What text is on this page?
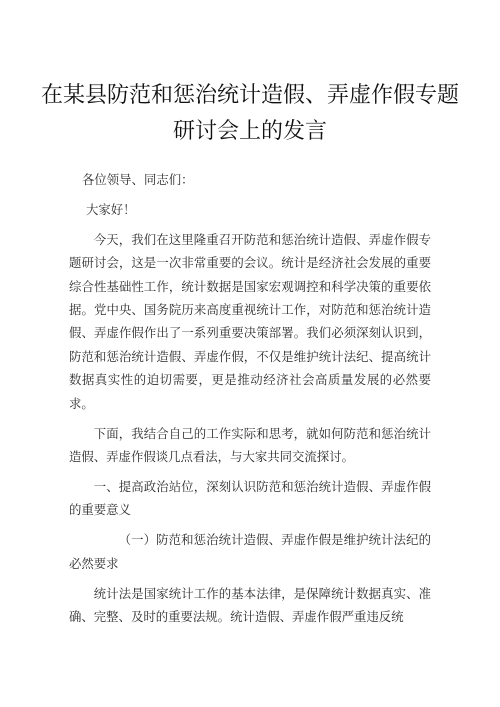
在某县防范和惩治统计造假、弄虚作假专题研讨会上的发言

各位领导、同志们：

大家好！

今天，我们在这里隆重召开防范和惩治统计造假、弄虚作假专题研讨会，这是一次非常重要的会议。统计是经济社会发展的重要综合性基础性工作，统计数据是国家宏观调控和科学决策的重要依据。党中央、国务院历来高度重视统计工作，对防范和惩治统计造假、弄虚作假作出了一系列重要决策部署。我们必须深刻认识到，防范和惩治统计造假、弄虚作假，不仅是维护统计法纪、提高统计数据真实性的迫切需要，更是推动经济社会高质量发展的必然要求。

下面，我结合自己的工作实际和思考，就如何防范和惩治统计造假、弄虚作假谈几点看法，与大家共同交流探讨。

一、提高政治站位，深刻认识防范和惩治统计造假、弄虚作假的重要意义

（一）防范和惩治统计造假、弄虚作假是维护统计法纪的必然要求

统计法是国家统计工作的基本法律，是保障统计数据真实、准确、完整、及时的重要法规。统计造假、弄虚作假严重违反统
